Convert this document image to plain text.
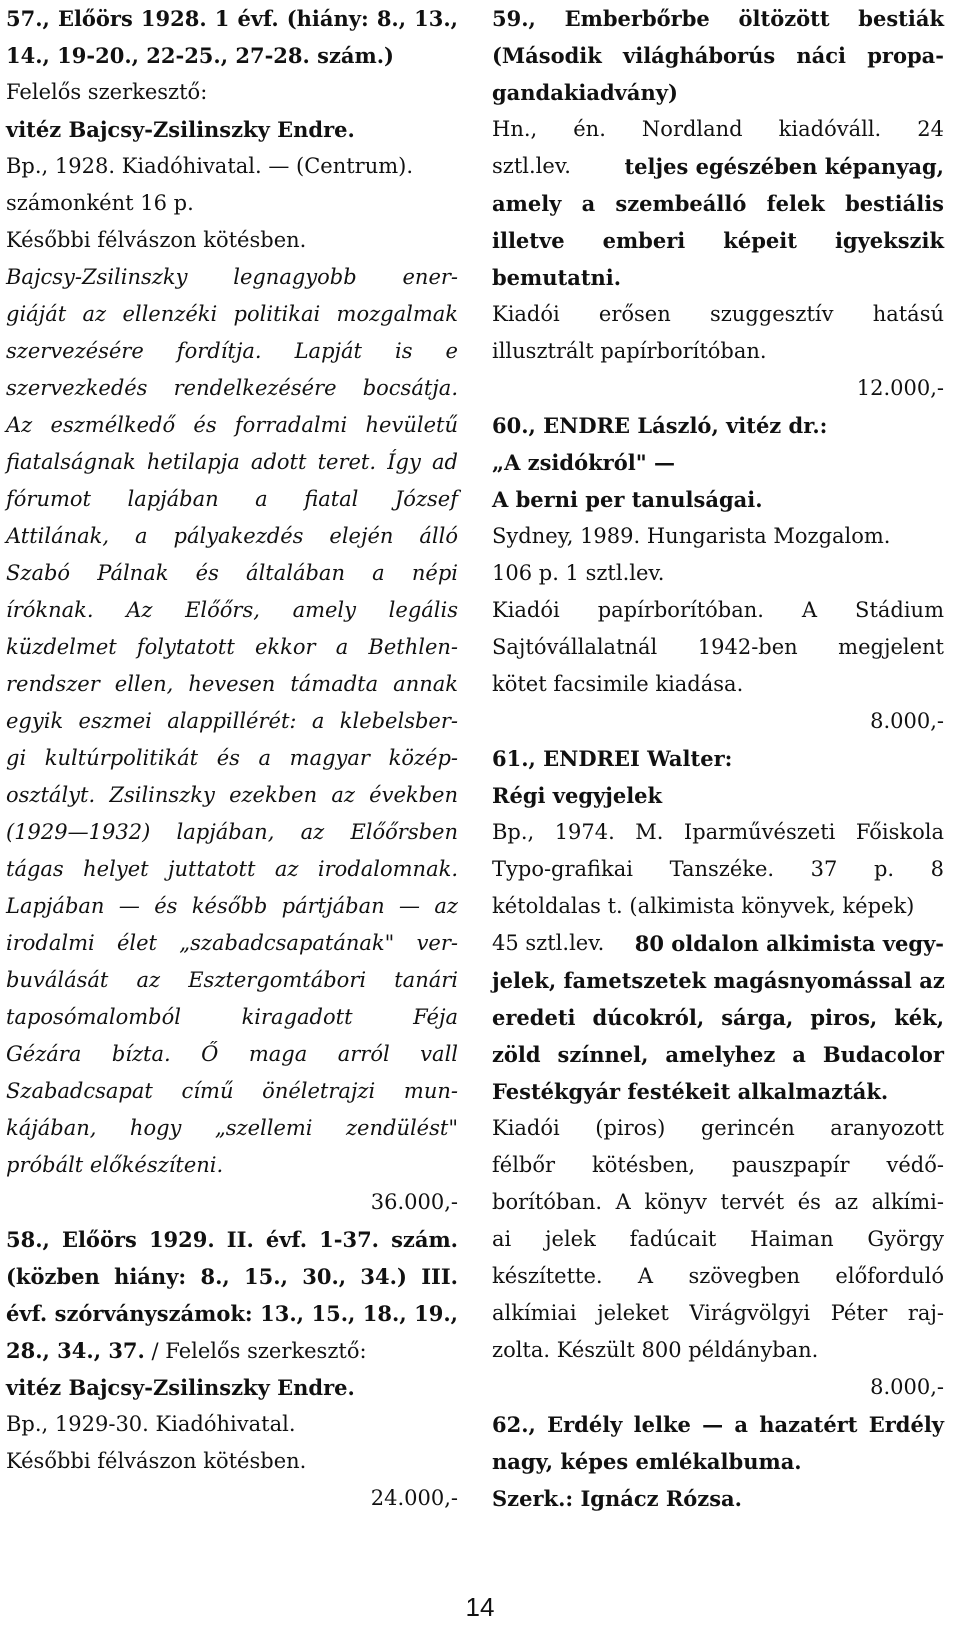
57., Előörs 1928. 1 évf. (hiány: 8., 13.,
14., 19-20., 22-25., 27-28. szám.)
Felelős szerkesztő:
vitéz Bajcsy-Zsilinszky Endre.
Bp., 1928. Kiadóhivatal. — (Centrum).
számonként 16 p.
Későbbi félvászon kötésben.
Bajcsy-Zsilinszky legnagyobb ener-
giáját az ellenzéki politikai mozgalmak
szervezésére fordítja. Lapját is e
szervezkedés rendelkezésére bocsátja.
Az eszmélkedő és forradalmi hevületű
fiatalságnak hetilapja adott teret. Így ad
fórumot lapjában a fiatal József
Attilának, a pályakezdés elején álló
Szabó Pálnak és általában a népi
íróknak. Az Előőrs, amely legális
küzdelmet folytatott ekkor a Bethlen-
rendszer ellen, hevesen támadta annak
egyik eszmei alappillérét: a klebelsber-
gi kultúrpolitikát és a magyar közép-
osztályt. Zsilinszky ezekben az években
(1929—1932) lapjában, az Előőrsben
tágas helyet juttatott az irodalomnak.
Lapjában — és később pártjában — az
irodalmi élet „szabadcsapatának" ver-
buválását az Esztergomtábori tanári
taposómalomból kiragadott Féja
Gézára bízta. Ő maga arról vall
Szabadcsapat című önéletrajzi mun-
kájában, hogy „szellemi zendülést"
próbált előkészíteni.
36.000,-
58., Előörs 1929. II. évf. 1-37. szám.
(közben hiány: 8., 15., 30., 34.) III.
évf. szórványszámok: 13., 15., 18., 19.,
28., 34., 37. / Felelős szerkesztő:
vitéz Bajcsy-Zsilinszky Endre.
Bp., 1929-30. Kiadóhivatal.
Későbbi félvászon kötésben.
24.000,-
59., Emberbőrbe öltözött bestiák
(Második világháborús náci propa-
gandakiadvány)
Hn., én. Nordland kiadóváll. 24
sztl.lev.	teljes egészében képanyag,
amely a szembeálló felek bestiális
illetve emberi képeit igyekszik
bemutatni.
Kiadói erősen szuggesztív hatású
illusztrált papírborítóban.
12.000,-
60., ENDRE László, vitéz dr.:
„A zsidókról" —
A berni per tanulságai.
Sydney, 1989. Hungarista Mozgalom.
106 p. 1 sztl.lev.
Kiadói papírborítóban. A Stádium
Sajtóvállalatnál 1942-ben megjelent
kötet facsimile kiadása.
8.000,-
61., ENDREI Walter:
Régi vegyjelek
Bp., 1974. M. Iparművészeti Főiskola
Typo-grafikai Tanszéke. 37 p. 8
kétoldalas t. (alkimista könyvek, képek)
45 sztl.lev. 80 oldalon alkimista vegy-
jelek, fametszetek magásnyomással az
eredeti dúcokról, sárga, piros, kék,
zöld színnel, amelyhez a Budacolor
Festékgyár festékeit alkalmazták.
Kiadói (piros) gerincén aranyozott
félbőr kötésben, pauszpapír védő-
borítóban. A könyv tervét és az alkími-
ai jelek fadúcait Haiman György
készítette. A szövegben előforduló
alkímiai jeleket Virágvölgyi Péter raj-
zolta. Készült 800 példányban.
8.000,-
62., Erdély lelke — a hazatért Erdély
nagy, képes emlékalbuma.
Szerk.: Ignácz Rózsa.
14
